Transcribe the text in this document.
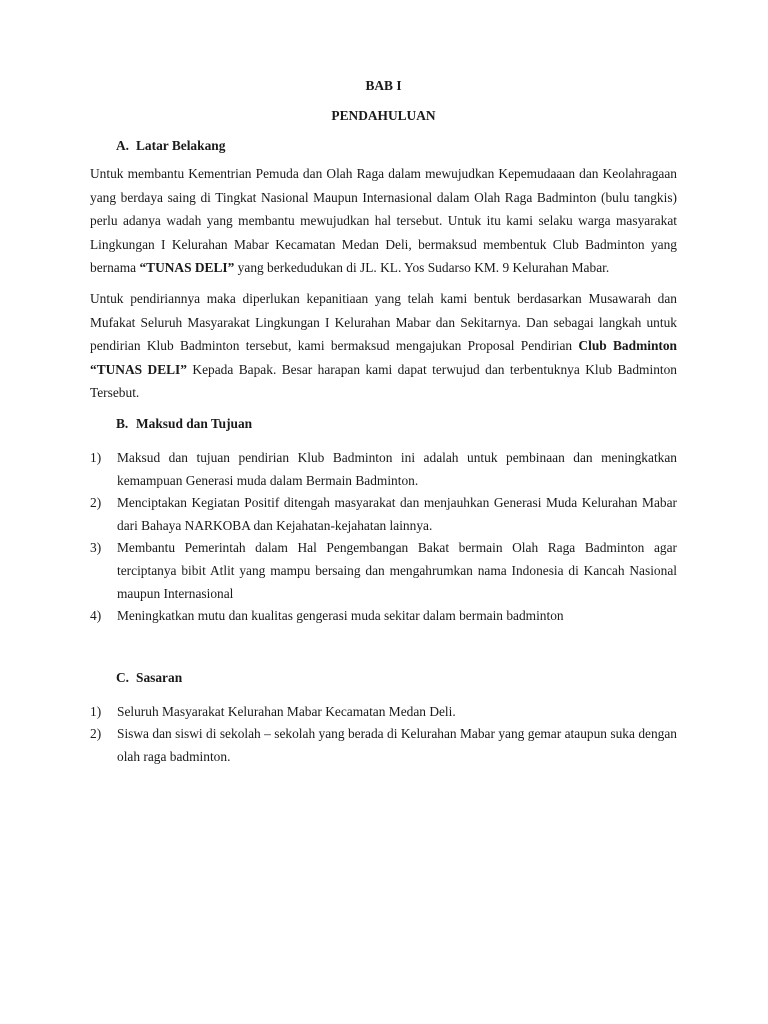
BAB I

PENDAHULUAN

A. Latar Belakang

Untuk membantu Kementrian Pemuda dan Olah Raga dalam mewujudkan Kepemudaaan dan Keolahragaan yang berdaya saing di Tingkat Nasional Maupun Internasional dalam Olah Raga Badminton (bulu tangkis) perlu adanya wadah yang membantu mewujudkan hal tersebut. Untuk itu kami selaku warga masyarakat Lingkungan I Kelurahan Mabar Kecamatan Medan Deli, bermaksud membentuk Club Badminton yang bernama “TUNAS DELI” yang berkedudukan di JL. KL. Yos Sudarso KM. 9 Kelurahan Mabar.

Untuk pendiriannya maka diperlukan kepanitiaan yang telah kami bentuk berdasarkan Musawarah dan Mufakat Seluruh Masyarakat Lingkungan I Kelurahan Mabar dan Sekitarnya. Dan sebagai langkah untuk pendirian Klub Badminton tersebut, kami bermaksud mengajukan Proposal Pendirian Club Badminton “TUNAS DELI” Kepada Bapak. Besar harapan kami dapat terwujud dan terbentuknya Klub Badminton Tersebut.

B. Maksud dan Tujuan

1) Maksud dan tujuan pendirian Klub Badminton ini adalah untuk pembinaan dan meningkatkan kemampuan Generasi muda dalam Bermain Badminton.
2) Menciptakan Kegiatan Positif ditengah masyarakat dan menjauhkan Generasi Muda Kelurahan Mabar dari Bahaya NARKOBA dan Kejahatan-kejahatan lainnya.
3) Membantu Pemerintah dalam Hal Pengembangan Bakat bermain Olah Raga Badminton agar terciptanya bibit Atlit yang mampu bersaing dan mengahrumkan nama Indonesia di Kancah Nasional maupun Internasional
4) Meningkatkan mutu dan kualitas gengerasi muda sekitar dalam bermain badminton

C. Sasaran

1) Seluruh Masyarakat Kelurahan Mabar Kecamatan Medan Deli.
2) Siswa dan siswi di sekolah – sekolah yang berada di Kelurahan Mabar yang gemar ataupun suka dengan olah raga badminton.
